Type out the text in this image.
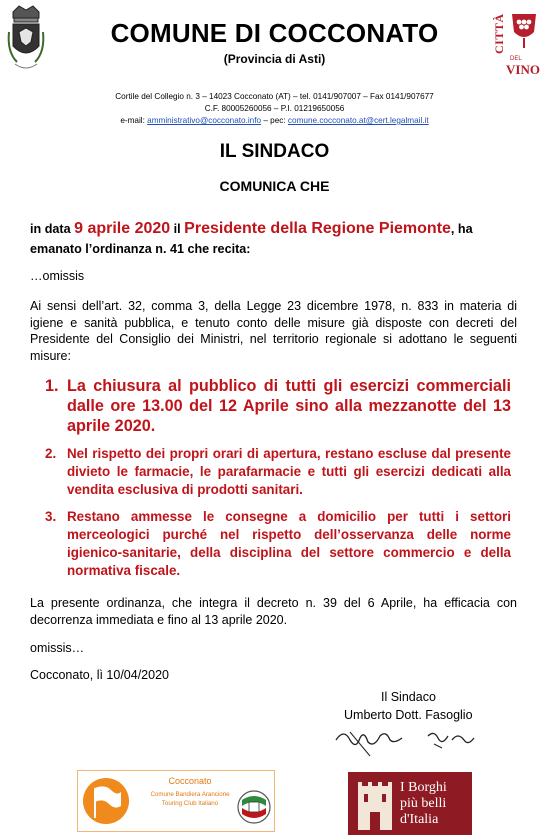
CITTÀ
DEL
VINO
COMUNE DI COCCONATO
(Provincia di Asti)
Cortile del Collegio n. 3 – 14023 Cocconato (AT) – tel. 0141/907007 – Fax 0141/907677
C.F. 80005260056 – P.I. 01219650056
e-mail: amministrativo@cocconato.info – pec: comune.cocconato.at@cert.legalmail.it
IL SINDACO
COMUNICA CHE
in data 9 aprile 2020 il Presidente della Regione Piemonte, ha emanato l’ordinanza n. 41 che recita:
…omissis
Ai sensi dell’art. 32, comma 3, della Legge 23 dicembre 1978, n. 833 in materia di igiene e sanità pubblica, e tenuto conto delle misure già disposte con decreti del Presidente del Consiglio dei Ministri, nel territorio regionale si adottano le seguenti misure:
1. La chiusura al pubblico di tutti gli esercizi commerciali dalle ore 13.00 del 12 Aprile sino alla mezzanotte del 13 aprile 2020.
2. Nel rispetto dei propri orari di apertura, restano escluse dal presente divieto le farmacie, le parafarmacie e tutti gli esercizi dedicati alla vendita esclusiva di prodotti sanitari.
3. Restano ammesse le consegne a domicilio per tutti i settori merceologici purché nel rispetto dell’osservanza delle norme igienico-sanitarie, della disciplina del settore commercio e della normativa fiscale.
La presente ordinanza, che integra il decreto n. 39 del 6 Aprile, ha efficacia con decorrenza immediata e fino al 13 aprile 2020.
omissis…
Cocconato, lì 10/04/2020
Il Sindaco
Umberto Dott. Fasoglio
Cocconato
Comune Bandiera Arancione
Touring Club Italiano
I Borghi
più belli
d'Italia
